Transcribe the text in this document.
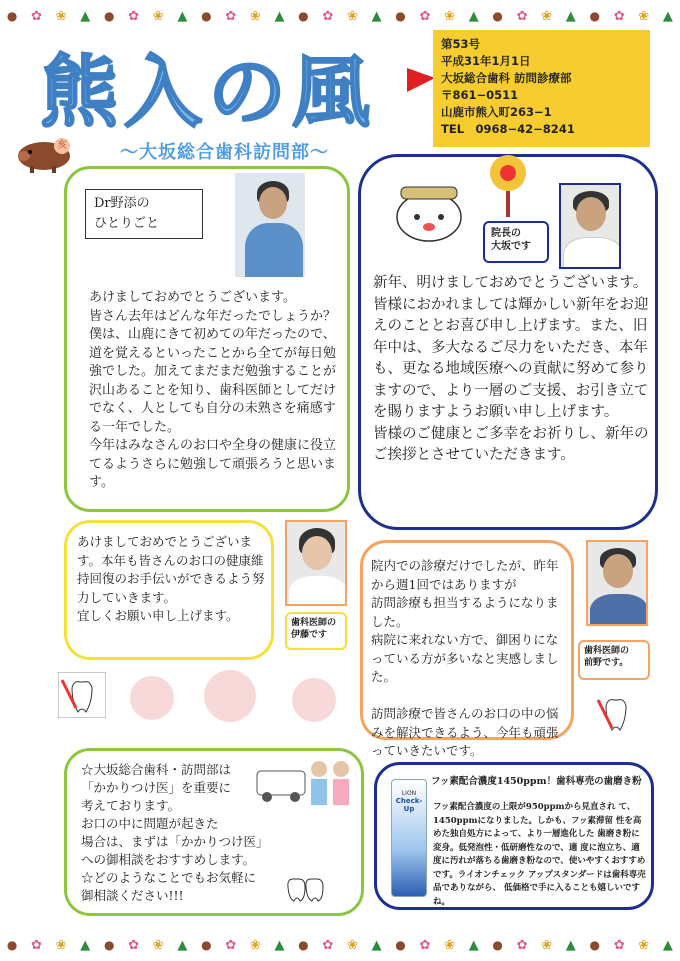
● ✿ ❀ ▲ ● ✿ ❀ ▲ ● ✿ ❀ ▲ ● ✿ ❀ ▲ ● ✿ ❀ ▲ ● ✿ ❀ ▲ ● ✿ ❀ ▲
● ✿ ❀ ▲ ● ✿ ❀ ▲ ● ✿ ❀ ▲ ● ✿ ❀ ▲ ● ✿ ❀ ▲ ● ✿ ❀ ▲ ● ✿ ❀ ▲
熊入の風
第53号
平成31年1月1日
大坂総合歯科 訪問診療部
〒861−0511
山鹿市熊入町263−1
TEL　0968−42−8241
亥	〜大坂総合歯科訪問部〜
Dr野添の
ひとりごと
あけましておめでとうございます。
皆さん去年はどんな年だったでしょうか？
僕は、山鹿にきて初めての年だったので、道を覚えるといったことから全てが毎日勉強でした。加えてまだまだ勉強することが沢山あることを知り、歯科医師としてだけでなく、人としても自分の未熟さを痛感する一年でした。
今年はみなさんのお口や全身の健康に役立てるようさらに勉強して頑張ろうと思います。
院長の
大坂です
新年、明けましておめでとうございます。皆様におかれましては輝かしい新年をお迎えのこととお喜び申し上げます。また、旧年中は、多大なるご尽力をいただき、本年も、更なる地域医療への貢献に努めて参りますので、より一層のご支援、お引き立てを賜りますようお願い申し上げます。
皆様のご健康とご多幸をお祈りし、新年のご挨拶とさせていただきます。
あけましておめでとうございます。本年も皆さんのお口の健康維持回復のお手伝いができるよう努力していきます。
宜しくお願い申し上げます。	歯科医師の
伊藤です
院内での診療だけでしたが、昨年から週1回ではありますが
訪問診療も担当するようになりました。
病院に来れない方で、御困りになっている方が多いなと実感しました。

訪問診療で皆さんのお口の中の悩みを解決できるよう、今年も頑張っていきたいです。
歯科医師の
前野です。
☆大坂総合歯科・訪問部は
「かかりつけ医」を重要に
考えております。
お口の中に問題が起きた
場合は、まずは「かかりつけ医」
への御相談をおすすめします。
☆どのようなことでもお気軽に
御相談ください!!!
フッ素配合濃度1450ppm！歯科専売の歯磨き粉
LION
Check-Up	フッ素配合濃度の上限が950ppmから見直され て、1450ppmになりました。しかも、フッ素滞留 性を高めた独自処方によって、より一層進化した 歯磨き粉に変身。低発泡性・低研磨性なので、適 度に泡立ち、適度に汚れが落ちる歯磨き粉なので、使いやすくおすすめです。ライオンチェック アップスタンダードは歯科専売品でありながら、 低価格で手に入ることも嬉しいですね。
